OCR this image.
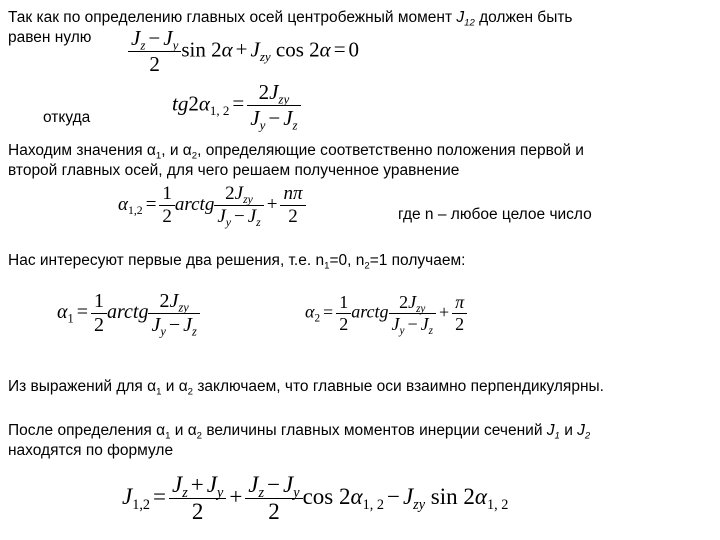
Так как по определению главных осей центробежный момент $J_{12}$ должен быть
равен нулю $\frac{J_z - J_y}{2}$ $\sin 2\alpha + J_{zy}$ cos 2α = 0
откуда
$tg2\alpha_{1, 2} = \frac{2J_{zy}}{J_y - J_z}$
Находим значения $\alpha_1$, и $\alpha_2$, определяющие соответственно положения первой и
второй главных осей, для чего решаем полученное уравнение
$\alpha_{1,2} = \frac{1}{2}$ arctg $\frac{2J_{zy}}{J_y - J_z} + \frac{n\pi}{2}$	где n – любое целое число
Нас интересуют первые два решения, т.е. $n_1=0$, $n_2=1$ получаем:
$\alpha_1 = \frac{1}{2}$ arctg $\frac{2J_{zy}}{J_y - J_z}$	$\alpha_2 = \frac{1}{2}$ arctg $\frac{2J_{zy}}{J_y - J_z} + \frac{\pi}{2}$
Из выражений для $\alpha_1$ и $\alpha_2$ заключаем, что главные оси взаимно перпендикулярны.
После определения $\alpha_1$ и $\alpha_2$ величины главных моментов инерции сечений $J_1$ и $J_2$
находятся по формуле
$J_{1,2} = \frac{J_z + J_y}{2} + \frac{J_z - J_y}{2}$ $\cos 2\alpha_{1, 2} - J_{zy}$ $\sin 2\alpha_{1, 2}$
